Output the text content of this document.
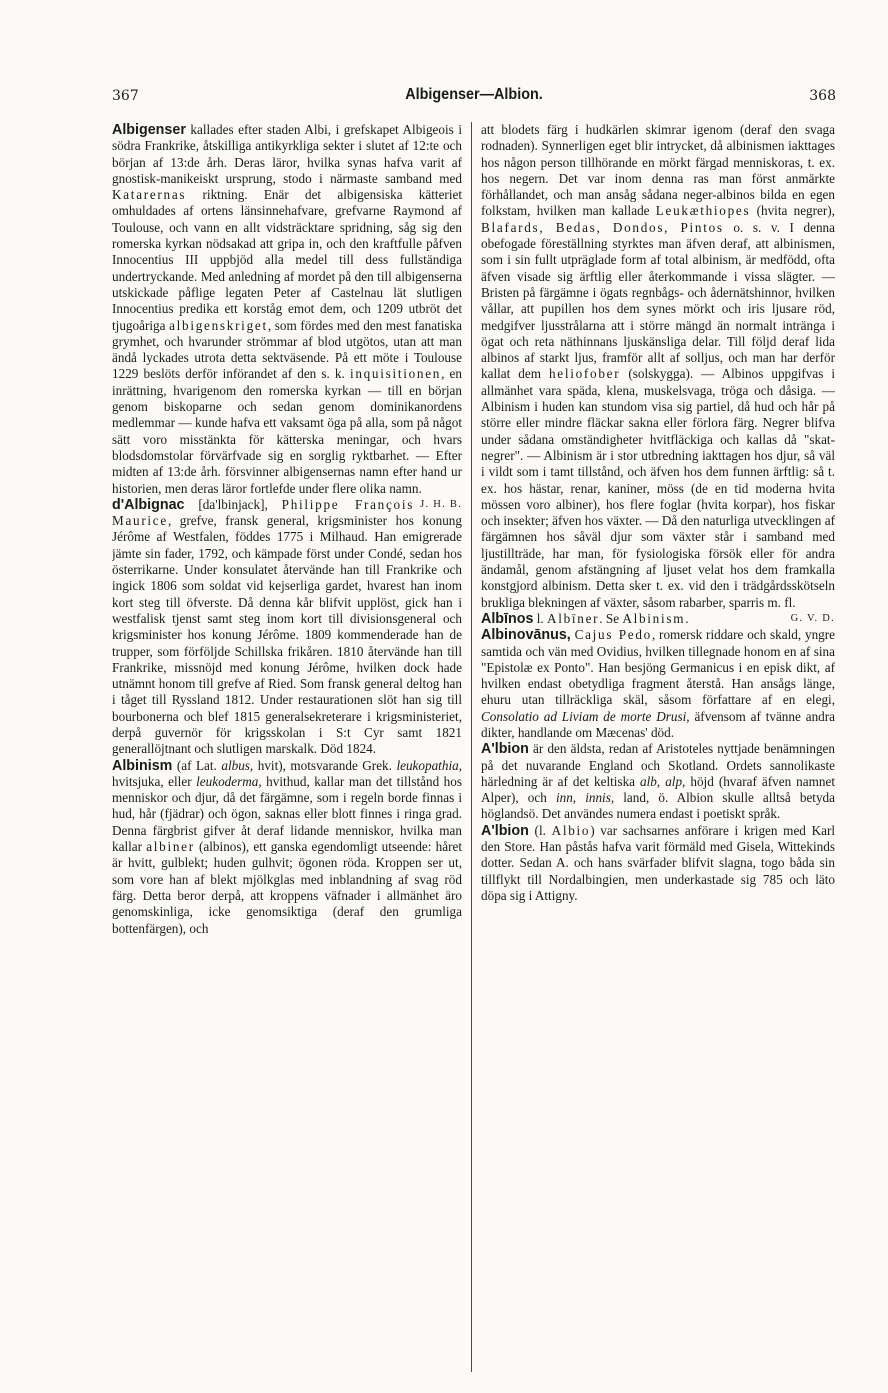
367	Albigenser—Albion.	368

Albigenser kallades efter staden Albi, i grefskapet Albigeois i södra Frankrike, åtskilliga antikyrkliga sekter i slutet af 12:te och början af 13:de årh. Deras läror, hvilka synas hafva varit af gnostisk-manikeiskt ursprung, stodo i närmaste samband med Katarernas riktning. Enär det albigensiska kätteriet omhuldades af ortens länsinnehafvare, grefvarne Raymond af Toulouse, och vann en allt vidsträcktare spridning, såg sig den romerska kyrkan nödsakad att gripa in, och den kraftfulle påfven Innocentius III uppbjöd alla medel till dess fullständiga undertryckande. Med anledning af mordet på den till albigenserna utskickade påflige legaten Peter af Castelnau lät slutligen Innocentius predika ett korståg emot dem, och 1209 utbröt det tjugoåriga albigenskriget, som fördes med den mest fanatiska grymhet, och hvarunder strömmar af blod utgötos, utan att man ändå lyckades utrota detta sektväsende. På ett möte i Toulouse 1229 beslöts derför införandet af den s. k. inquisitionen, en inrättning, hvarigenom den romerska kyrkan — till en början genom biskoparne och sedan genom dominikanordens medlemmar — kunde hafva ett vaksamt öga på alla, som på något sätt voro misstänkta för kätterska meningar, och hvars blodsdomstolar förvärfvade sig en sorglig ryktbarhet. — Efter midten af 13:de årh. försvinner albigensernas namn efter hand ur historien, men deras läror fortlefde under flere olika namn.
J. H. B.

d'Albignac [da'lbinjack], Philippe François Maurice, grefve, fransk general, krigsminister hos konung Jérôme af Westfalen, föddes 1775 i Milhaud. Han emigrerade jämte sin fader, 1792, och kämpade först under Condé, sedan hos österrikarne. Under konsulatet återvände han till Frankrike och ingick 1806 som soldat vid kejserliga gardet, hvarest han inom kort steg till öfverste. Då denna kår blifvit upplöst, gick han i westfalisk tjenst samt steg inom kort till divisionsgeneral och krigsminister hos konung Jérôme. 1809 kommenderade han de trupper, som förföljde Schillska frikåren. 1810 återvände han till Frankrike, missnöjd med konung Jérôme, hvilken dock hade utnämnt honom till grefve af Ried. Som fransk general deltog han i tåget till Ryssland 1812. Under restaurationen slöt han sig till bourbonerna och blef 1815 generalsekreterare i krigsministeriet, derpå guvernör för krigsskolan i S:t Cyr samt 1821 generallöjtnant och slutligen marskalk. Död 1824.

Albinism (af Lat. albus, hvit), motsvarande Grek. leukopathia, hvitsjuka, eller leukoderma, hvithud, kallar man det tillstånd hos menniskor och djur, då det färgämne, som i regeln borde finnas i hud, hår (fjädrar) och ögon, saknas eller blott finnes i ringa grad. Denna färgbrist gifver åt deraf lidande menniskor, hvilka man kallar albiner (albinos), ett ganska egendomligt utseende: håret är hvitt, gulblekt; huden gulhvit; ögonen röda. Kroppen ser ut, som vore han af blekt mjölkglas med inblandning af svag röd färg. Detta beror derpå, att kroppens väfnader i allmänhet äro genomskinliga, icke genomsiktiga (deraf den grumliga bottenfärgen), och

att blodets färg i hudkärlen skimrar igenom (deraf den svaga rodnaden). Synnerligen eget blir intrycket, då albinismen iakttages hos någon person tillhörande en mörkt färgad menniskoras, t. ex. hos negern. Det var inom denna ras man först anmärkte förhållandet, och man ansåg sådana neger-albinos bilda en egen folkstam, hvilken man kallade Leukæthiopes (hvita negrer), Blafards, Bedas, Dondos, Pintos o. s. v. I denna obefogade föreställning styrktes man äfven deraf, att albinismen, som i sin fullt utpräglade form af total albinism, är medfödd, ofta äfven visade sig ärftlig eller återkommande i vissa slägter. — Bristen på färgämne i ögats regnbågs- och ådernätshinnor, hvilken vållar, att pupillen hos dem synes mörkt och iris ljusare röd, medgifver ljusstrålarna att i större mängd än normalt intränga i ögat och reta näthinnans ljuskänsliga delar. Till följd deraf lida albinos af starkt ljus, framför allt af solljus, och man har derför kallat dem heliofober (solskygga). — Albinos uppgifvas i allmänhet vara späda, klena, muskelsvaga, tröga och dåsiga. — Albinism i huden kan stundom visa sig partiel, då hud och hår på större eller mindre fläckar sakna eller förlora färg. Negrer blifva under sådana omständigheter hvitfläckiga och kallas då "skat-negrer". — Albinism är i stor utbredning iakttagen hos djur, så väl i vildt som i tamt tillstånd, och äfven hos dem funnen ärftlig: så t. ex. hos hästar, renar, kaniner, möss (de en tid moderna hvita mössen voro albiner), hos flere foglar (hvita korpar), hos fiskar och insekter; äfven hos växter. — Då den naturliga utvecklingen af färgämnen hos såväl djur som växter står i samband med ljustillträde, har man, för fysiologiska försök eller för andra ändamål, genom afstängning af ljuset velat hos dem framkalla konstgjord albinism. Detta sker t. ex. vid den i trädgårdsskötseln brukliga blekningen af växter, såsom rabarber, sparris m. fl.
G. V. D.

Albīnos l. Albīner. Se Albinism.

Albinovānus, Cajus Pedo, romersk riddare och skald, yngre samtida och vän med Ovidius, hvilken tillegnade honom en af sina "Epistolæ ex Ponto". Han besjöng Germanicus i en episk dikt, af hvilken endast obetydliga fragment återstå. Han ansågs länge, ehuru utan tillräckliga skäl, såsom författare af en elegi, Consolatio ad Liviam de morte Drusi, äfvensom af tvänne andra dikter, handlande om Mæcenas' död.

A'lbion är den äldsta, redan af Aristoteles nyttjade benämningen på det nuvarande England och Skotland. Ordets sannolikaste härledning är af det keltiska alb, alp, höjd (hvaraf äfven namnet Alper), och inn, innis, land, ö. Albion skulle alltså betyda höglandsö. Det användes numera endast i poetiskt språk.

A'lbion (l. Albio) var sachsarnes anförare i krigen med Karl den Store. Han påstås hafva varit förmäld med Gisela, Wittekinds dotter. Sedan A. och hans svärfader blifvit slagna, togo båda sin tillflykt till Nordalbingien, men underkastade sig 785 och läto döpa sig i Attigny.
